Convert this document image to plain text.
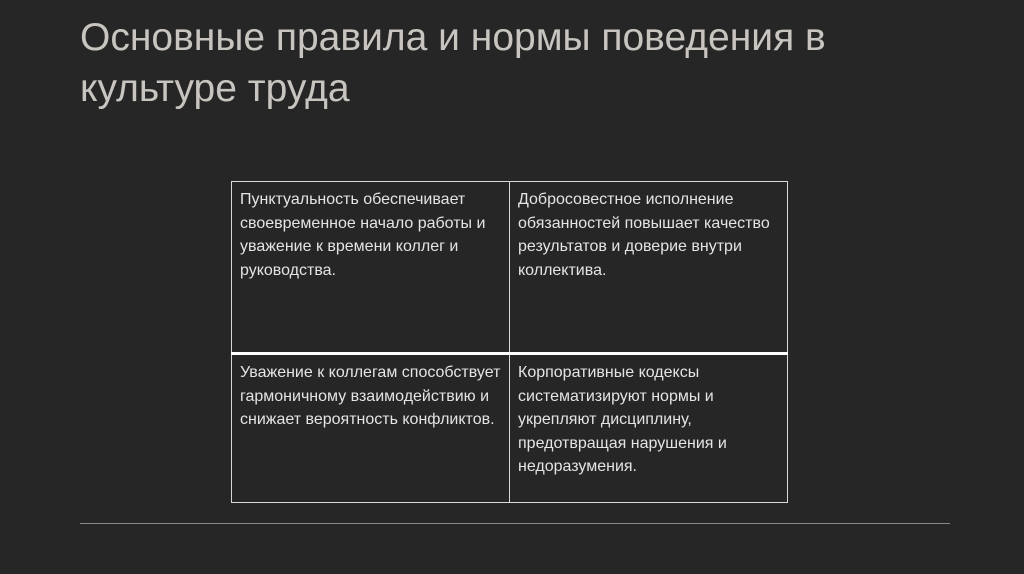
Основные правила и нормы поведения в культуре труда
Пунктуальность обеспечивает своевременное начало работы и уважение к времени коллег и руководства.	Добросовестное исполнение обязанностей повышает качество результатов и доверие внутри коллектива.
Уважение к коллегам способствует гармоничному взаимодействию и снижает вероятность конфликтов.	Корпоративные кодексы систематизируют нормы и укрепляют дисциплину, предотвращая нарушения и недоразумения.
